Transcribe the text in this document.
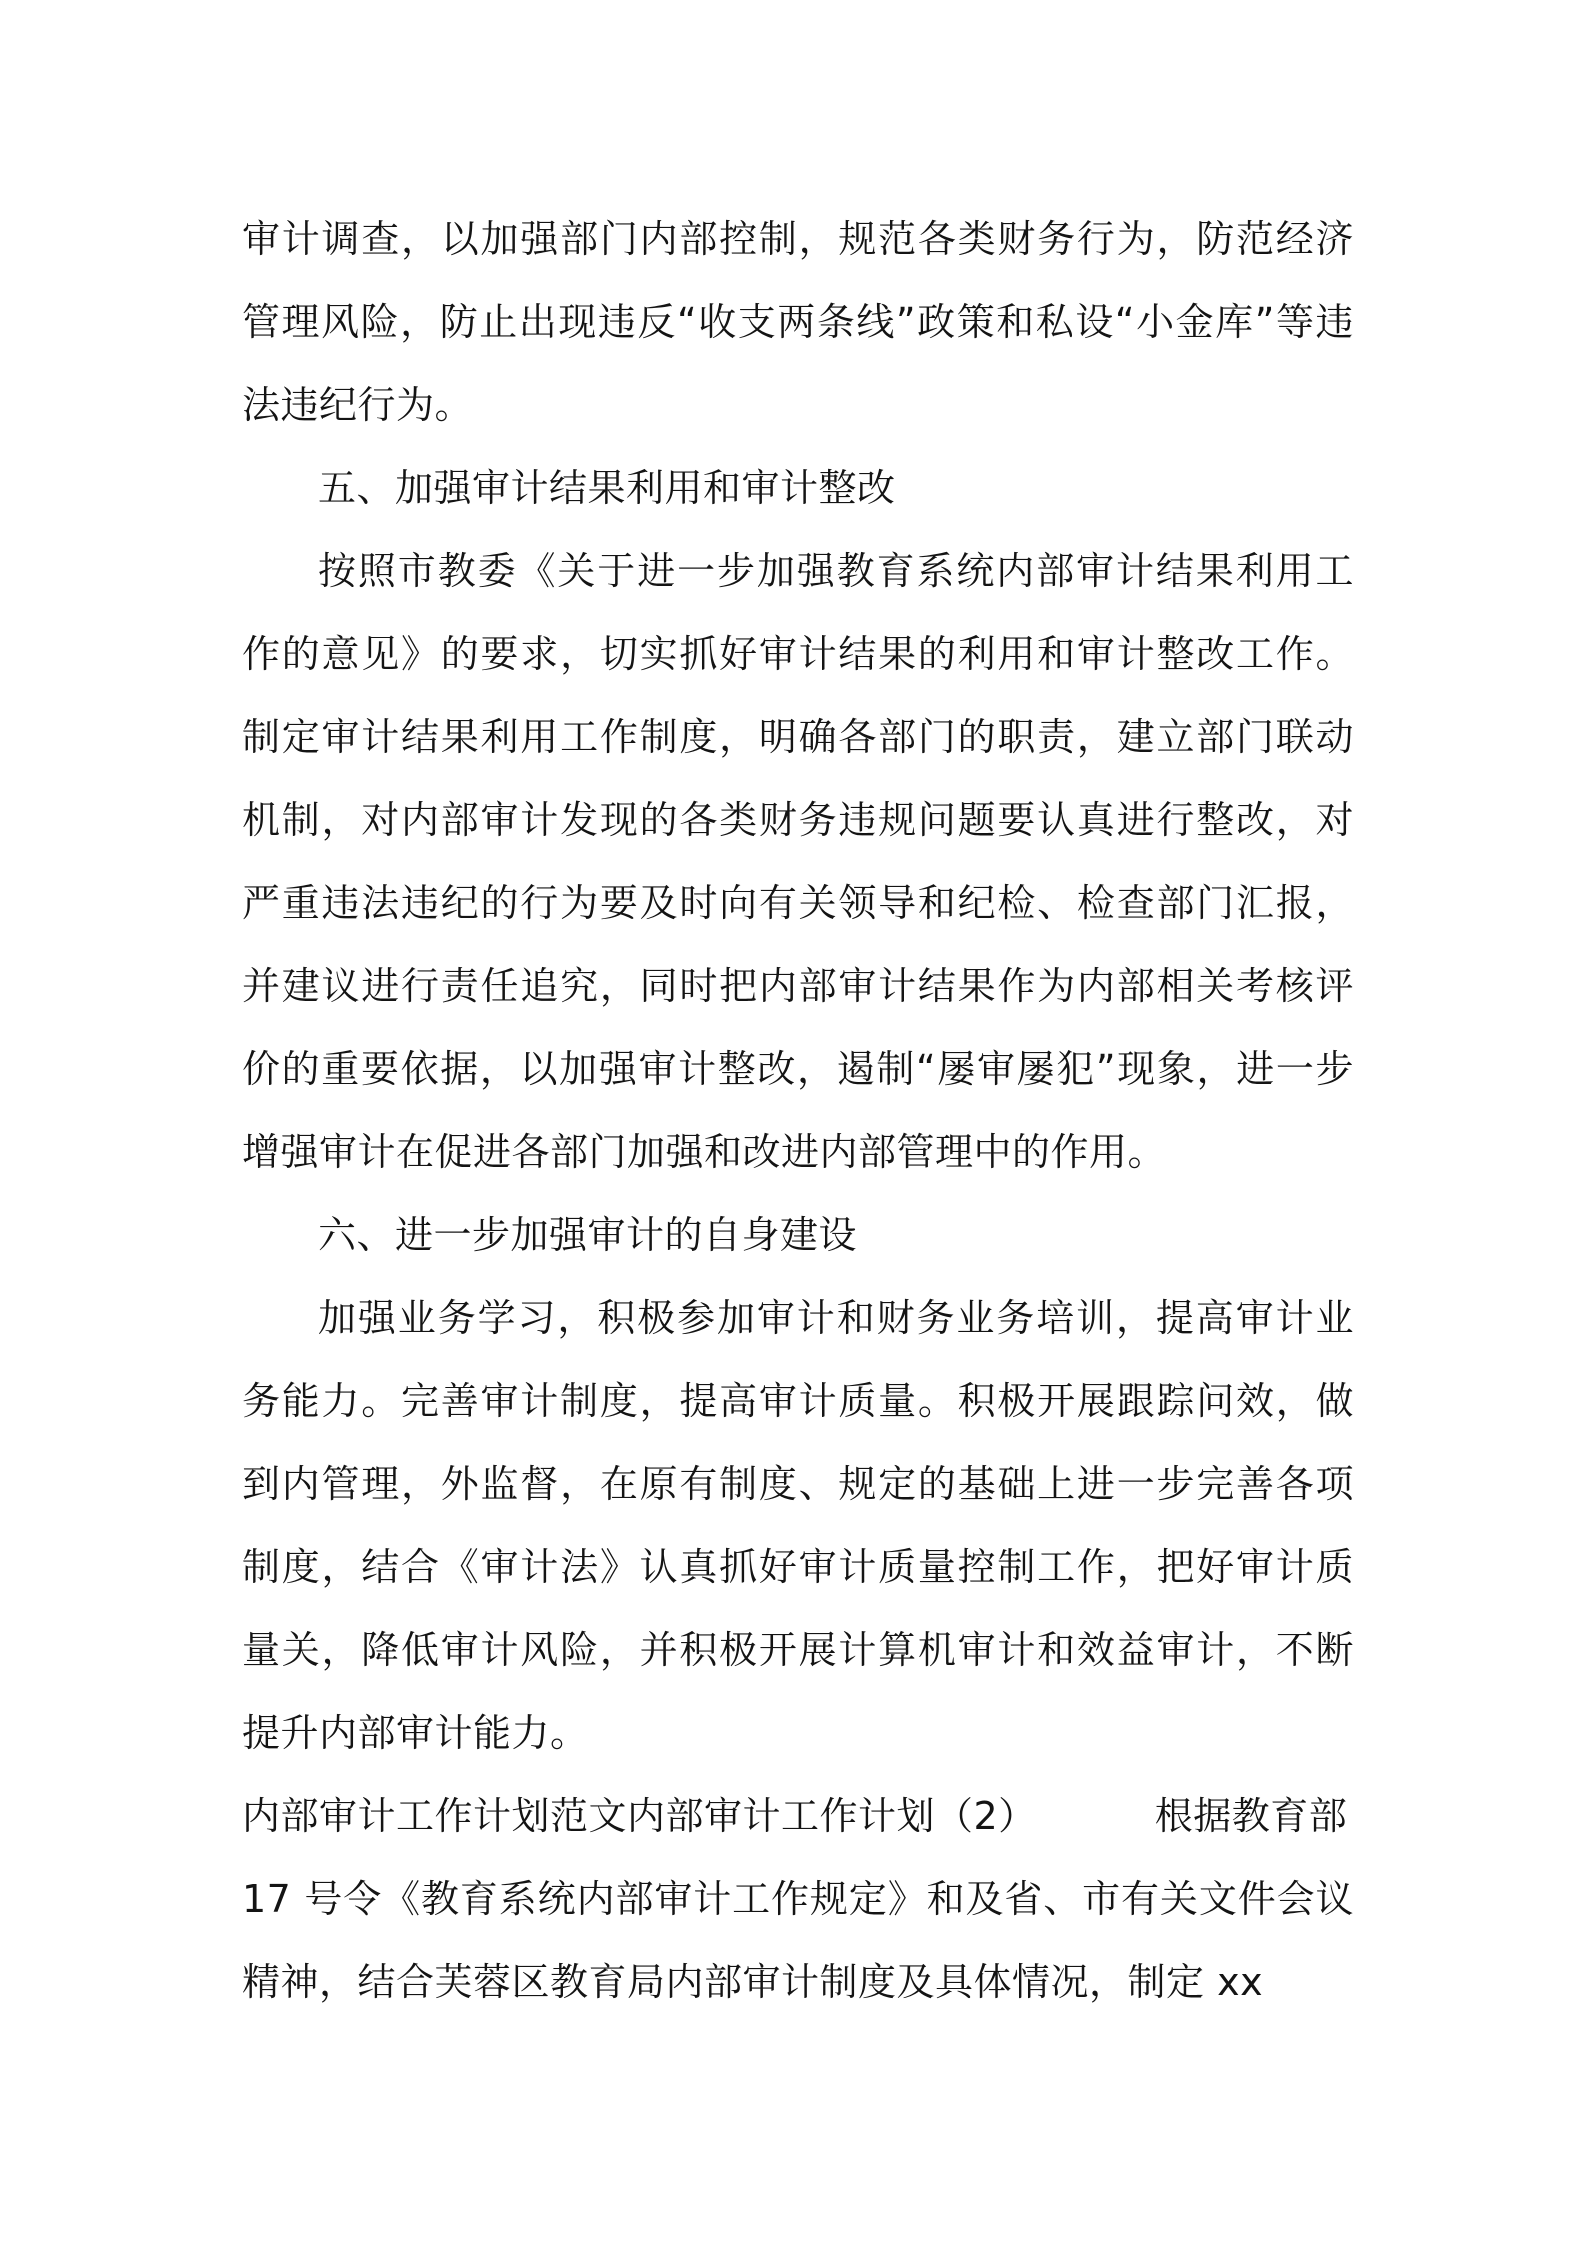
审计调查，以加强部门内部控制，规范各类财务行为，防范经济管理风险，防止出现违反“收支两条线”政策和私设“小金库”等违法违纪行为。

五、加强审计结果利用和审计整改

按照市教委《关于进一步加强教育系统内部审计结果利用工作的意见》的要求，切实抓好审计结果的利用和审计整改工作。制定审计结果利用工作制度，明确各部门的职责，建立部门联动机制，对内部审计发现的各类财务违规问题要认真进行整改，对严重违法违纪的行为要及时向有关领导和纪检、检查部门汇报，并建议进行责任追究，同时把内部审计结果作为内部相关考核评价的重要依据，以加强审计整改，遏制“屡审屡犯”现象，进一步增强审计在促进各部门加强和改进内部管理中的作用。

六、进一步加强审计的自身建设

加强业务学习，积极参加审计和财务业务培训，提高审计业务能力。完善审计制度，提高审计质量。积极开展跟踪问效，做到内管理，外监督，在原有制度、规定的基础上进一步完善各项制度，结合《审计法》认真抓好审计质量控制工作，把好审计质量关，降低审计风险，并积极开展计算机审计和效益审计，不断提升内部审计能力。

内部审计工作计划范文内部审计工作计划（2）	根据教育部

17 号令《教育系统内部审计工作规定》和及省、市有关文件会议精神，结合芙蓉区教育局内部审计制度及具体情况，制定 xx
